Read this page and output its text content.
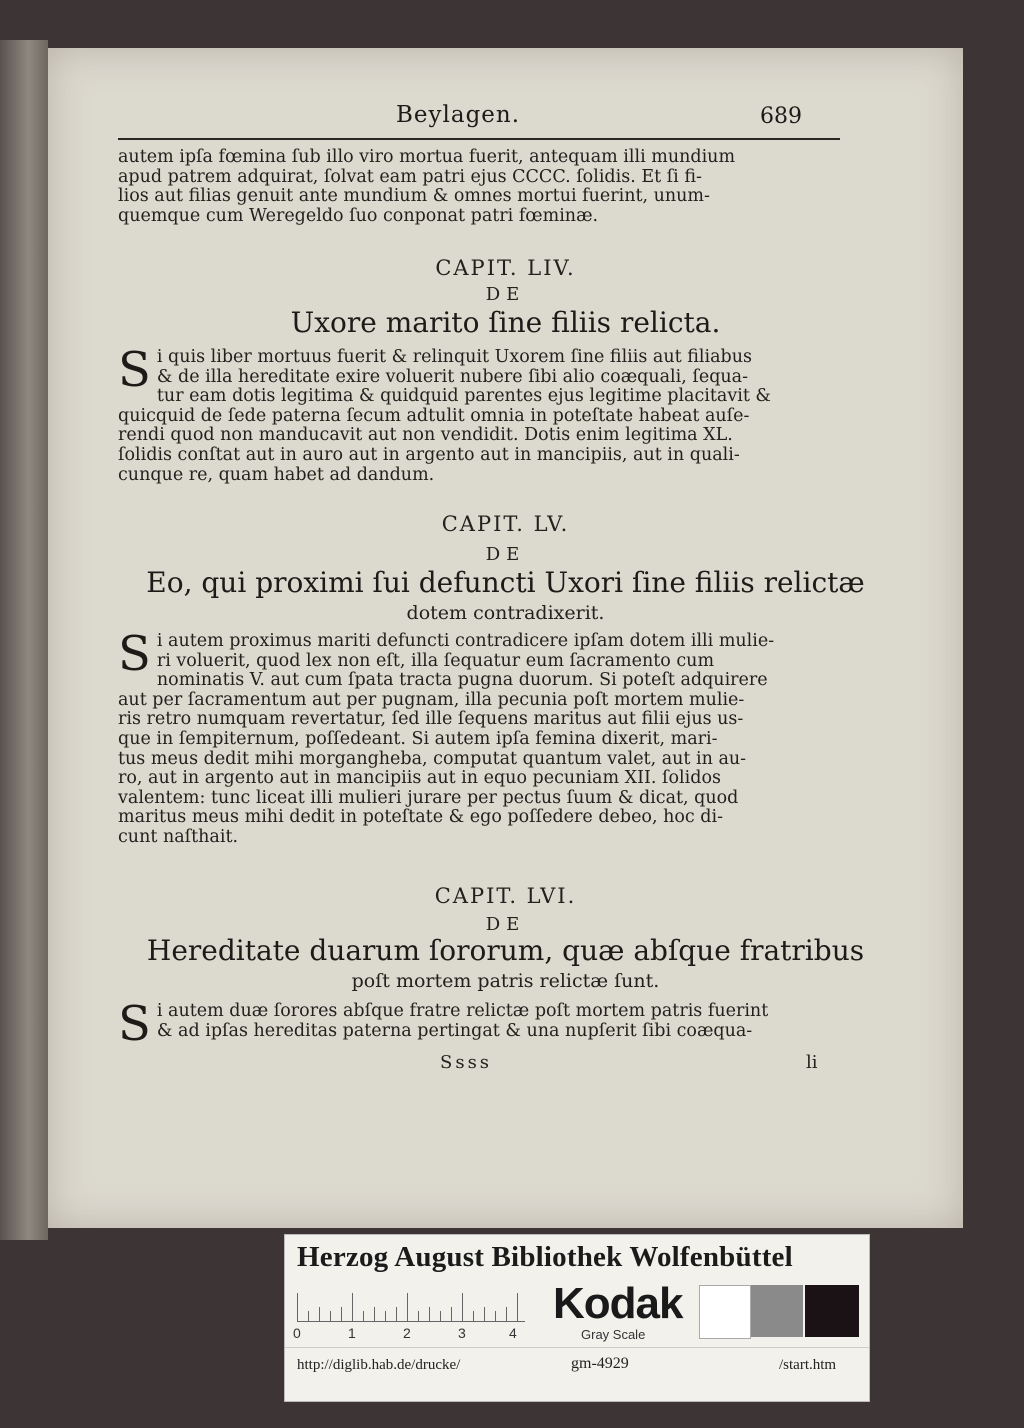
Beylagen.	689

autem ipſa fœmina ſub illo viro mortua fuerit, antequam illi mundium

apud patrem adquirat, ſolvat eam patri ejus CCCC. ſolidis. Et ſi fi-

lios aut filias genuit ante mundium & omnes mortui fuerint, unum-

quemque cum Weregeldo ſuo conponat patri fœminæ.

CAPIT. LIV.
DE
Uxore marito ſine filiis relicta.
S i quis liber mortuus fuerit & relinquit Uxorem ſine filiis aut filiabus

& de illa hereditate exire voluerit nubere ſibi alio coæquali, ſequa-

tur eam dotis legitima & quidquid parentes ejus legitime placitavit &

quicquid de ſede paterna ſecum adtulit omnia in poteſtate habeat auſe-

rendi quod non manducavit aut non vendidit. Dotis enim legitima XL.

ſolidis conſtat aut in auro aut in argento aut in mancipiis, aut in quali-

cunque re, quam habet ad dandum.

CAPIT. LV.
DE
Eo, qui proximi ſui defuncti Uxori ſine filiis relictæ
dotem contradixerit.
S i autem proximus mariti defuncti contradicere ipſam dotem illi mulie-

ri voluerit, quod lex non eſt, illa ſequatur eum ſacramento cum

nominatis V. aut cum ſpata tracta pugna duorum. Si poteſt adquirere

aut per ſacramentum aut per pugnam, illa pecunia poſt mortem mulie-

ris retro numquam revertatur, ſed ille ſequens maritus aut filii ejus us-

que in ſempiternum, poſſedeant. Si autem ipſa femina dixerit, mari-

tus meus dedit mihi morgangheba, computat quantum valet, aut in au-

ro, aut in argento aut in mancipiis aut in equo pecuniam XII. ſolidos

valentem: tunc liceat illi mulieri jurare per pectus ſuum & dicat, quod

maritus meus mihi dedit in poteſtate & ego poſſedere debeo, hoc di-

cunt naſthait.

CAPIT. LVI.
DE
Hereditate duarum ſororum, quæ abſque fratribus
poſt mortem patris relictæ ſunt.
S i autem duæ ſorores abſque fratre relictæ poſt mortem patris fuerint

& ad ipſas hereditas paterna pertingat & una nupſerit ſibi coæqua-

Ssss	li
Herzog August Bibliothek Wolfenbüttel
0	1	2	3	4
Kodak
Gray Scale
http://diglib.hab.de/drucke/	gm-4929	/start.htm
